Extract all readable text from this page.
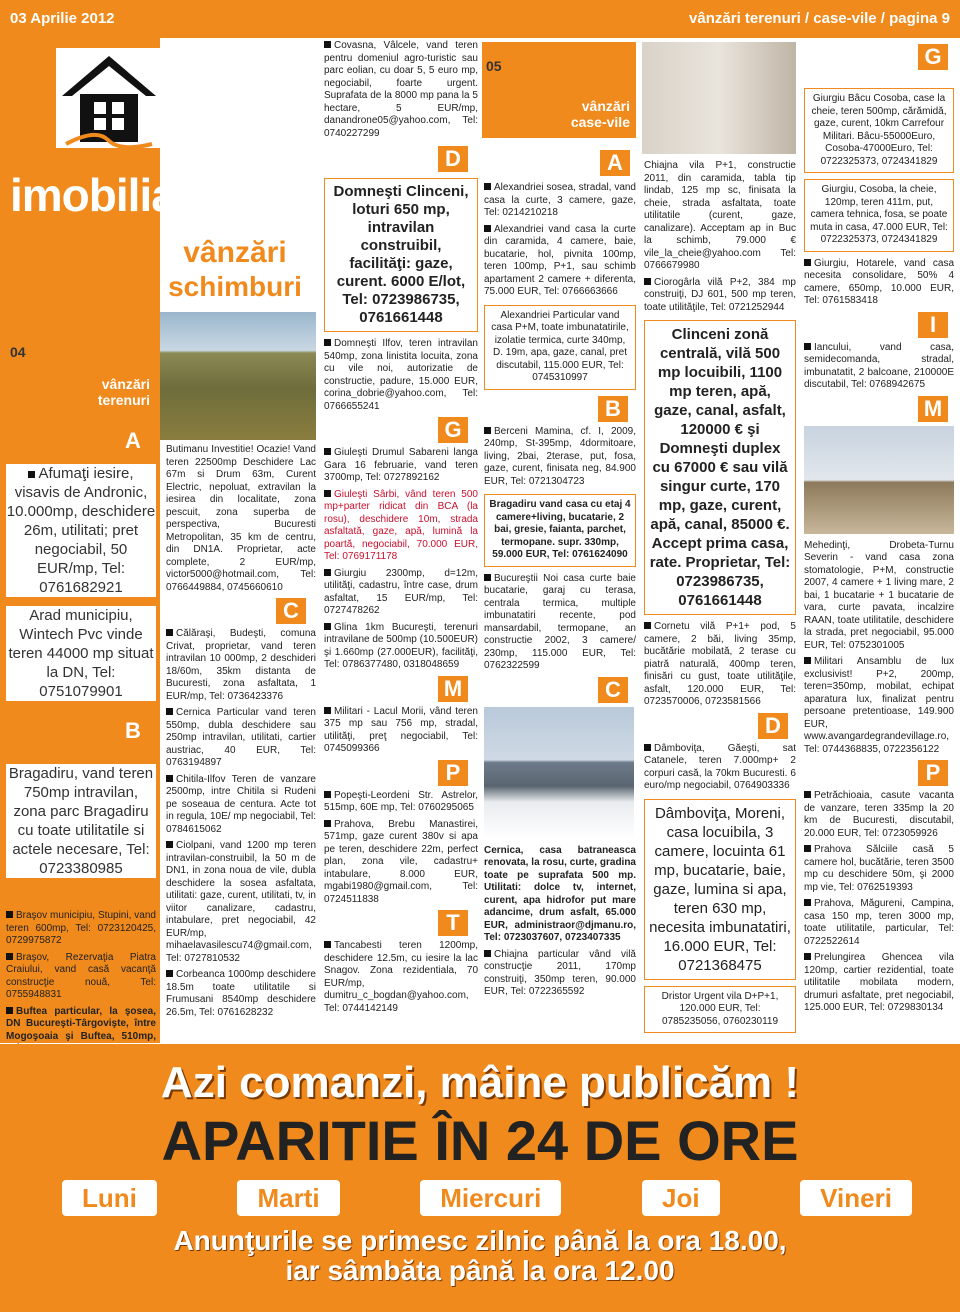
03 Aprilie 2012	vânzări terenuri / case-vile / pagina 9
imobiliare
vânzări
schimburi
04
vânzări
terenuri
A
Afumaţi iesire, visavis de Andronic, 10.000mp, deschidere 26m, utilitati; pret negociabil, 50 EUR/mp, Tel: 0761682921
Arad municipiu, Wintech Pvc vinde teren 44000 mp situat la DN, Tel: 0751079901
B
Bragadiru, vand teren 750mp intravilan, zona parc Bragadiru cu toate utilitatile si actele necesare, Tel: 0723380985

Braşov municipiu, Stupini, vand teren 600mp, Tel: 0723120425, 0729975872

Braşov, Rezervaţia Piatra Craiului, vand casă vacanţă construcţie nouă, Tel: 0755948831

Buftea particular, la şosea, DN Bucureşti-Târgovişte, între Mogoşoaia şi Buftea, 510mp,

Butimanu Investitie! Ocazie! Vand teren 22500mp Deschidere Lac 67m si Drum 63m, Curent Electric, nepoluat, extravilan la iesirea din localitate, zona pescuit, zona superba de perspectiva, Bucuresti Metropolitan, 35 km de centru, din DN1A. Proprietar, acte complete, 2 EUR/mp, victor5000@hotmail.com, Tel: 0766449884, 0745660610

C

Călăraşi, Budeşti, comuna Crivat, proprietar, vand teren intravilan 10 000mp, 2 deschideri 18/60m, 35km distanta de Bucuresti, zona asfaltata, 1 EUR/mp, Tel: 0736423376

Cernica Particular vand teren 550mp, dubla deschidere sau 250mp intravilan, utilitati, cartier austriac, 40 EUR, Tel: 0763194897

Chitila-Ilfov Teren de vanzare 2500mp, intre Chitila si Rudeni pe soseaua de centura. Acte tot in regula, 10E/ mp negociabil, Tel: 0784615062

Ciolpani, vand 1200 mp teren intravilan-construibil, la 50 m de DN1, in zona noua de vile, dubla deschidere la sosea asfaltata, utilitati: gaze, curent, utilitati, tv, in viitor canalizare, cadastru, intabulare, pret negociabil, 42 EUR/mp, mihaelavasilescu74@gmail.com, Tel: 0727810532

Corbeanca 1000mp deschidere 18.5m toate utilitatile si Frumusani 8540mp deschidere 26.5m, Tel: 0761628232

Covasna, Vâlcele, vand teren pentru domeniul agro-turistic sau parc eolian, cu doar 5, 5 euro mp, negociabil, foarte urgent. Suprafata de la 8000 mp pana la 5 hectare, 5 EUR/mp, danandrone05@yahoo.com, Tel: 0740227299

D
Domneşti Clinceni, loturi 650 mp, intravilan construibil, facilităţi: gaze, curent. 6000 E/lot, Tel: 0723986735, 0761661448

Domneşti Ilfov, teren intravilan 540mp, zona linistita locuita, zona cu vile noi, autorizatie de constructie, padure, 15.000 EUR, corina_dobrie@yahoo.com, Tel: 0766655241

G

Giuleşti Drumul Sabareni langa Gara 16 februarie, vand teren 3700mp, Tel: 0727892162

Giuleşti Sârbi, vând teren 500 mp+parter ridicat din BCA (la rosu), deschidere 10m, strada asfaltată, gaze, apă, lumină la poartă, negociabil, 70.000 EUR, Tel: 0769171178

Giurgiu 2300mp, d=12m, utilităţi, cadastru, între case, drum asfaltat, 15 EUR/mp, Tel: 0727478262

Glina 1km Bucureşti, terenuri intravilane de 500mp (10.500EUR) şi 1.660mp (27.000EUR), facilităţi, Tel: 0786377480, 0318048659

M

Militari - Lacul Morii, vând teren 375 mp sau 756 mp, stradal, utilităţi, preţ negociabil, Tel: 0745099366

P

Popeşti-Leordeni Str. Astrelor, 515mp, 60E mp, Tel: 0760295065

Prahova, Brebu Manastirei, 571mp, gaze curent 380v si apa pe teren, deschidere 22m, perfect plan, zona vile, cadastru+ intabulare, 8.000 EUR, mgabi1980@gmail.com, Tel: 0724511838

T

Tancabesti teren 1200mp, deschidere 12.5m, cu iesire la lac Snagov. Zona rezidentiala, 70 EUR/mp, dumitru_c_bogdan@yahoo.com, Tel: 0744142149

05
vânzări
case-vile
A

Alexandriei sosea, stradal, vand casa la curte, 3 camere, gaze, Tel: 0214210218

Alexandriei vand casa la curte din caramida, 4 camere, baie, bucatarie, hol, pivnita 100mp, teren 100mp, P+1, sau schimb apartament 2 camere + diferenta, 75.000 EUR, Tel: 0766663666

Alexandriei Particular vand casa P+M, toate imbunatatirile, izolatie termica, curte 340mp, D. 19m, apa, gaze, canal, pret discutabil, 115.000 EUR, Tel: 0745310997
B

Berceni Mamina, cf. I, 2009, 240mp, St-395mp, 4dormitoare, living, 2bai, 2terase, put, fosa, gaze, curent, finisata neg, 84.900 EUR, Tel: 0721304723

Bragadiru vand casa cu etaj 4 camere+living, bucatarie, 2 bai, gresie, faianta, parchet, termopane. supr. 330mp, 59.000 EUR, Tel: 0761624090

Bucureştii Noi casa curte baie bucatarie, garaj cu terasa, centrala termica, multiple imbunatatiri recente, pod mansardabil, termopane, an constructie 2002, 3 camere/ 230mp, 115.000 EUR, Tel: 0762322599

C

Cernica, casa batraneasca renovata, la rosu, curte, gradina toate pe suprafata 500 mp. Utilitati: dolce tv, internet, curent, apa hidrofor put mare adancime, drum asfalt, 65.000 EUR, administraor@djmanu.ro, Tel: 0723037607, 0723407335

Chiajna particular vând vilă construcţie 2011, 170mp construiţi, 350mp teren, 90.000 EUR, Tel: 0722365592

Chiajna vila P+1, constructie 2011, din caramida, tabla tip lindab, 125 mp sc, finisata la cheie, strada asfaltata, toate utilitatile (curent, gaze, canalizare). Acceptam ap in Buc la schimb, 79.000 € vile_la_cheie@yahoo.com Tel: 0766679980

Ciorogârla vilă P+2, 384 mp construiţi, DJ 601, 500 mp teren, toate utilităţile, Tel: 0721252944

Clinceni zonă centrală, vilă 500 mp locuibili, 1100 mp teren, apă, gaze, canal, asfalt, 120000 € şi Domneşti duplex cu 67000 € sau vilă singur curte, 170 mp, gaze, curent, apă, canal, 85000 €. Accept prima casa, rate. Proprietar, Tel: 0723986735, 0761661448

Cornetu vilă P+1+ pod, 5 camere, 2 băi, living 35mp, bucătărie mobilată, 2 terase cu piatră naturală, 400mp teren, finisări cu gust, toate utilităţile, asfalt, 120.000 EUR, Tel: 0723570006, 0723581566

D

Dâmboviţa, Găeşti, sat Catanele, teren 7.000mp+ 2 corpuri casă, la 70km Bucuresti. 6 euro/mp negociabil, 0764903336

Dâmboviţa, Moreni, casa locuibila, 3 camere, locuinta 61 mp, bucatarie, baie, gaze, lumina si apa, teren 630 mp, necesita imbunatatiri, 16.000 EUR, Tel: 0721368475
Dristor Urgent vila D+P+1, 120.000 EUR, Tel: 0785235056, 0760230119
G
Giurgiu Bâcu Cosoba, case la cheie, teren 500mp, cărămidă, gaze, curent, 10km Carrefour Militari. Bâcu-55000Euro, Cosoba-47000Euro, Tel: 0722325373, 0724341829
Giurgiu, Cosoba, la cheie, 120mp, teren 411m, put, camera tehnica, fosa, se poate muta in casa, 47.000 EUR, Tel: 0722325373, 0724341829

Giurgiu, Hotarele, vand casa necesita consolidare, 50% 4 camere, 650mp, 10.000 EUR, Tel: 0761583418

I

Iancului, vand casa, semidecomanda, stradal, imbunatatit, 2 balcoane, 210000E discutabil, Tel: 0768942675

M

Mehedinţi, Drobeta-Turnu Severin - vand casa zona stomatologie, P+M, constructie 2007, 4 camere + 1 living mare, 2 bai, 1 bucatarie + 1 bucatarie de vara, curte pavata, incalzire RAAN, toate utilitatile, deschidere la strada, pret negociabil, 95.000 EUR, Tel: 0752301005

Militari Ansamblu de lux exclusivist! P+2, 200mp, teren=350mp, mobilat, echipat aparatura lux, finalizat pentru persoane pretentioase, 149.900 EUR, www.avangardegrandevillage.ro, Tel: 0744368835, 0722356122

P

Petrăchioaia, casute vacanta de vanzare, teren 335mp la 20 km de Bucuresti, discutabil, 20.000 EUR, Tel: 0723059926

Prahova Sălciile casă 5 camere hol, bucătărie, teren 3500 mp cu deschidere 50m, şi 2000 mp vie, Tel: 0762519393

Prahova, Măgureni, Campina, casa 150 mp, teren 3000 mp, toate utilitatile, particular, Tel: 0722522614

Prelungirea Ghencea vila 120mp, cartier rezidential, toate utilitatile mobilata modern, drumuri asfaltate, pret negociabil, 125.000 EUR, Tel: 0729830134

Azi comanzi, mâine publicăm !
APARITIE ÎN 24 DE ORE
Luni	Marti	Miercuri	Joi	Vineri
Anunţurile se primesc zilnic până la ora 18.00,
iar sâmbăta până la ora 12.00
